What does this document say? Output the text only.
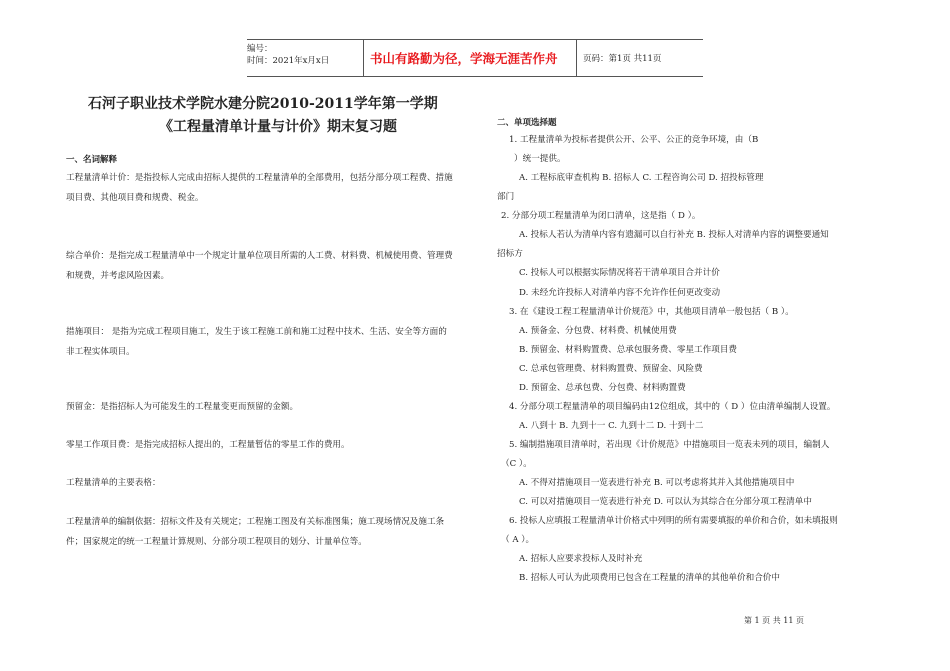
编号：
时间：2021年x月x日	书山有路勤为径，学海无涯苦作舟	页码：第1页 共11页
石河子职业技术学院水建分院2010-2011学年第一学期
《工程量清单计量与计价》期末复习题
一、名词解释
工程量清单计价：是指投标人完成由招标人提供的工程量清单的全部费用，包括分部分项工程费、措施项目费、其他项目费和规费、税金。
综合单价：是指完成工程量清单中一个规定计量单位项目所需的人工费、材料费、机械使用费、管理费和规费，并考虑风险因素。
措施项目： 是指为完成工程项目施工，发生于该工程施工前和施工过程中技术、生活、安全等方面的非工程实体项目。
预留金：是指招标人为可能发生的工程量变更而预留的金额。
零星工作项目费：是指完成招标人提出的，工程量暂估的零星工作的费用。
工程量清单的主要表格：
工程量清单的编制依据：招标文件及有关规定；工程施工图及有关标准图集；施工现场情况及施工条件；国家规定的统一工程量计算规则、分部分项工程项目的划分、计量单位等。
二、单项选择题
1. 工程量清单为投标者提供公开、公平、公正的竞争环境，由（B
）统一提供。
A. 工程标底审查机构 B. 招标人 C. 工程咨询公司 D. 招投标管理
部门
2. 分部分项工程量清单为闭口清单，这是指（ D ）。
A. 投标人若认为清单内容有遗漏可以自行补充 B. 投标人对清单内容的调整要通知
招标方
C. 投标人可以根据实际情况将若干清单项目合并计价
D. 未经允许投标人对清单内容不允许作任何更改变动
3. 在《建设工程工程量清单计价规范》中，其他项目清单一般包括（ B ）。
A. 预备金、分包费、材料费、机械使用费
B. 预留金、材料购置费、总承包服务费、零星工作项目费
C. 总承包管理费、材料购置费、预留金、风险费
D. 预留金、总承包费、分包费、材料购置费
4. 分部分项工程量清单的项目编码由12位组成，其中的（ D ）位由清单编制人设置。
A. 八到十 B. 九到十一 C. 九到十二 D. 十到十二
5. 编制措施项目清单时，若出现《计价规范》中措施项目一览表未列的项目，编制人
（C ）。
A. 不得对措施项目一览表进行补充 B. 可以考虑将其并入其他措施项目中
C. 可以对措施项目一览表进行补充 D. 可以认为其综合在分部分项工程清单中
6. 投标人应填报工程量清单计价格式中列明的所有需要填报的单价和合价，如未填报则
（ A ）。
A. 招标人应要求投标人及时补充
B. 招标人可认为此项费用已包含在工程量的清单的其他单价和合价中
第 1 页 共 11 页
